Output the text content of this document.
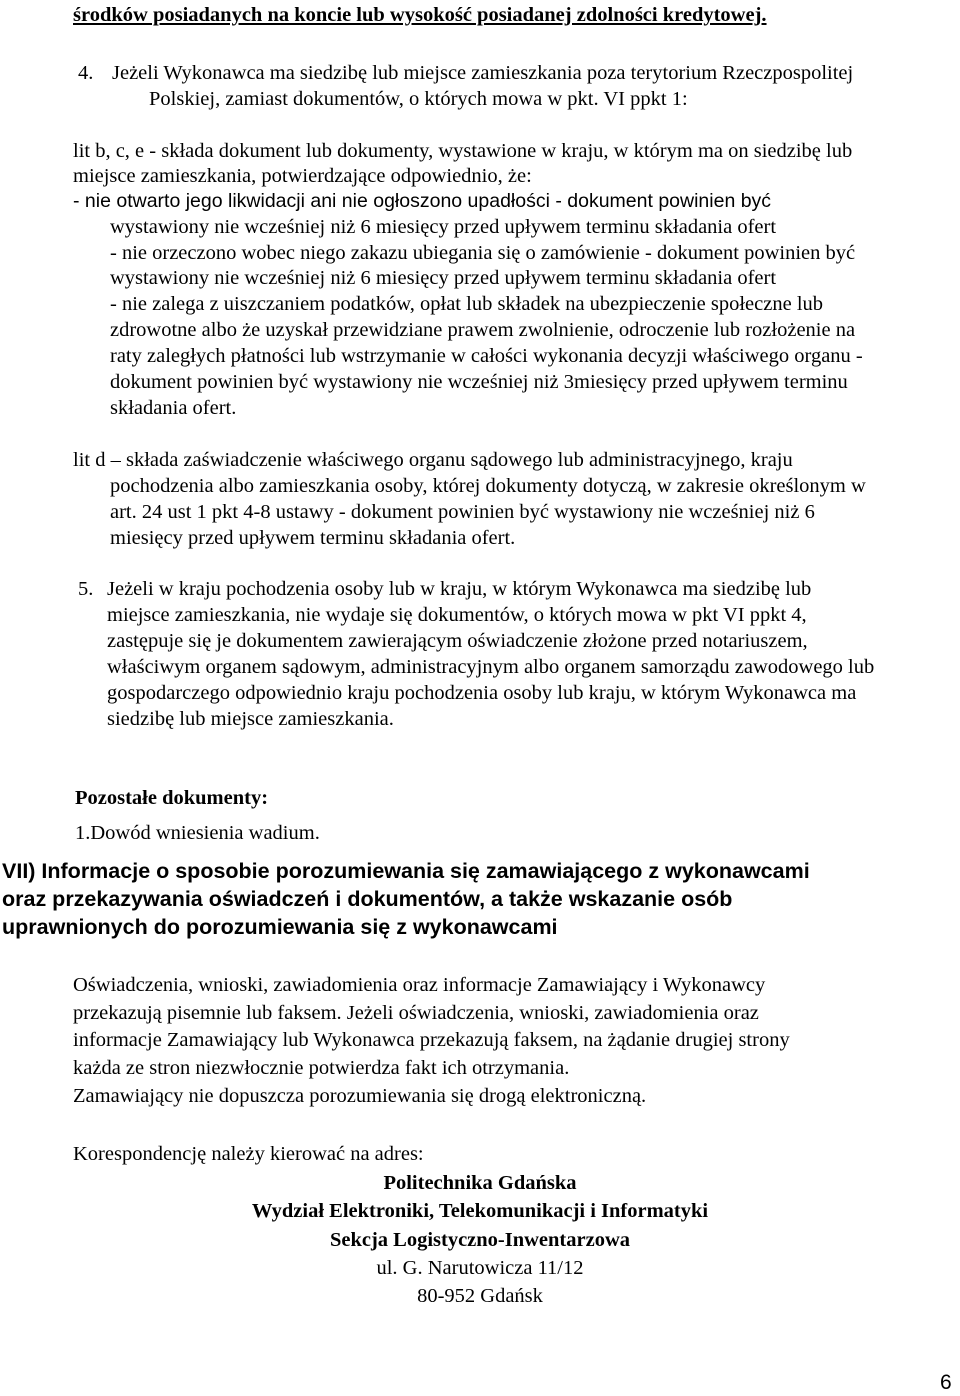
środków posiadanych na koncie lub wysokość posiadanej zdolności kredytowej.
4. Jeżeli Wykonawca ma siedzibę lub miejsce zamieszkania poza terytorium Rzeczpospolitej
Polskiej, zamiast dokumentów, o których mowa w pkt. VI ppkt 1:
lit b, c, e - składa dokument lub dokumenty, wystawione w kraju, w którym ma on siedzibę lub
miejsce zamieszkania, potwierdzające odpowiednio, że:
- nie otwarto jego likwidacji ani nie ogłoszono upadłości - dokument powinien być
wystawiony nie wcześniej niż 6 miesięcy przed upływem terminu składania ofert
- nie orzeczono wobec niego zakazu ubiegania się o zamówienie - dokument powinien być
wystawiony nie wcześniej niż 6 miesięcy przed upływem terminu składania ofert
- nie zalega z uiszczaniem podatków, opłat lub składek na ubezpieczenie społeczne lub
zdrowotne albo że uzyskał przewidziane prawem zwolnienie, odroczenie lub rozłożenie na
raty zaległych płatności lub wstrzymanie w całości wykonania decyzji właściwego organu -
dokument powinien być wystawiony nie wcześniej niż 3miesięcy przed upływem terminu
składania ofert.
lit d – składa zaświadczenie właściwego organu sądowego lub administracyjnego, kraju
pochodzenia albo zamieszkania osoby, której dokumenty dotyczą, w zakresie określonym w
art. 24 ust 1 pkt 4-8 ustawy - dokument powinien być wystawiony nie wcześniej niż 6
miesięcy przed upływem terminu składania ofert.
5. Jeżeli w kraju pochodzenia osoby lub w kraju, w którym Wykonawca ma siedzibę lub
miejsce zamieszkania, nie wydaje się dokumentów, o których mowa w pkt VI ppkt 4,
zastępuje się je dokumentem zawierającym oświadczenie złożone przed notariuszem,
właściwym organem sądowym, administracyjnym albo organem samorządu zawodowego lub
gospodarczego odpowiednio kraju pochodzenia osoby lub kraju, w którym Wykonawca ma
siedzibę lub miejsce zamieszkania.
Pozostałe dokumenty:
1.Dowód wniesienia wadium.
VII) Informacje o sposobie porozumiewania się zamawiającego z wykonawcami
oraz przekazywania oświadczeń i dokumentów, a także wskazanie osób
uprawnionych do porozumiewania się z wykonawcami
Oświadczenia, wnioski, zawiadomienia oraz informacje Zamawiający i Wykonawcy
przekazują pisemnie lub faksem. Jeżeli oświadczenia, wnioski, zawiadomienia oraz
informacje Zamawiający lub Wykonawca przekazują faksem, na żądanie drugiej strony
każda ze stron niezwłocznie potwierdza fakt ich otrzymania.
Zamawiający nie dopuszcza porozumiewania się drogą elektroniczną.
Korespondencję należy kierować na adres:
Politechnika Gdańska
Wydział Elektroniki, Telekomunikacji i Informatyki
Sekcja Logistyczno-Inwentarzowa
ul. G. Narutowicza 11/12
80-952 Gdańsk
6
